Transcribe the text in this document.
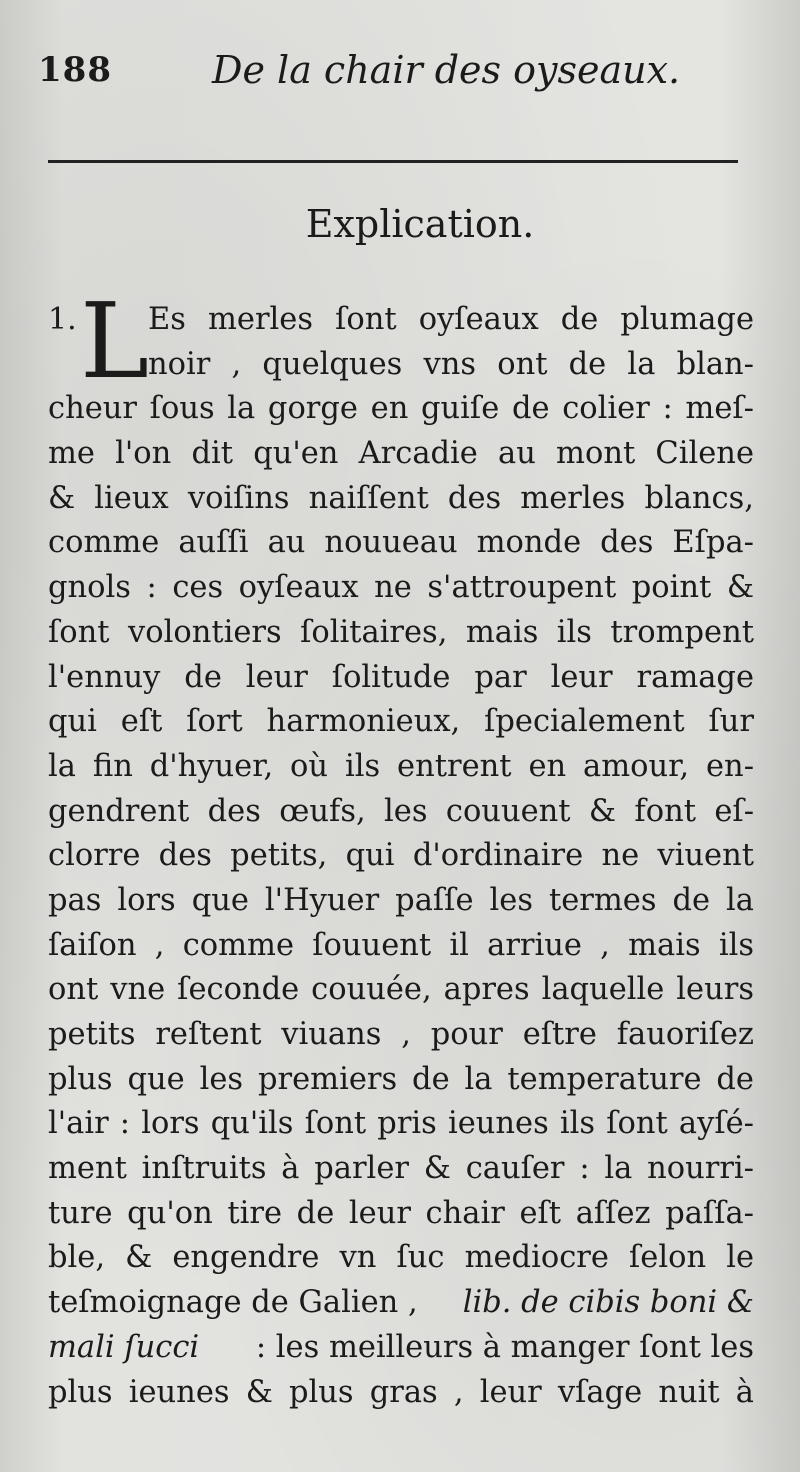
188	De la chair des oyseaux.
Explication.
1. L
Es merles ſont oyſeaux de plumage
noir , quelques vns ont de la blan-
cheur ſous la gorge en guiſe de colier : meſ-
me l'on dit qu'en Arcadie au mont Cilene
& lieux voiſins naiſſent des merles blancs,
comme auſſi au nouueau monde des Eſpa-
gnols : ces oyſeaux ne s'attroupent point &
ſont volontiers ſolitaires, mais ils trompent
l'ennuy de leur ſolitude par leur ramage
qui eſt ſort harmonieux, ſpecialement ſur
la fin d'hyuer, où ils entrent en amour, en-
gendrent des œufs, les couuent & font eſ-
clorre des petits, qui d'ordinaire ne viuent
pas lors que l'Hyuer paſſe les termes de la
ſaiſon , comme ſouuent il arriue , mais ils
ont vne ſeconde couuée, apres laquelle leurs
petits reſtent viuans , pour eſtre fauoriſez
plus que les premiers de la temperature de
l'air : lors qu'ils ſont pris ieunes ils ſont ayſé-
ment inſtruits à parler & cauſer : la nourri-
ture qu'on tire de leur chair eſt aſſez paſſa-
ble, & engendre vn ſuc mediocre ſelon le
teſmoignage de Galien , lib. de cibis boni &
mali ſucci : les meilleurs à manger ſont les
plus ieunes & plus gras , leur vſage nuit à
